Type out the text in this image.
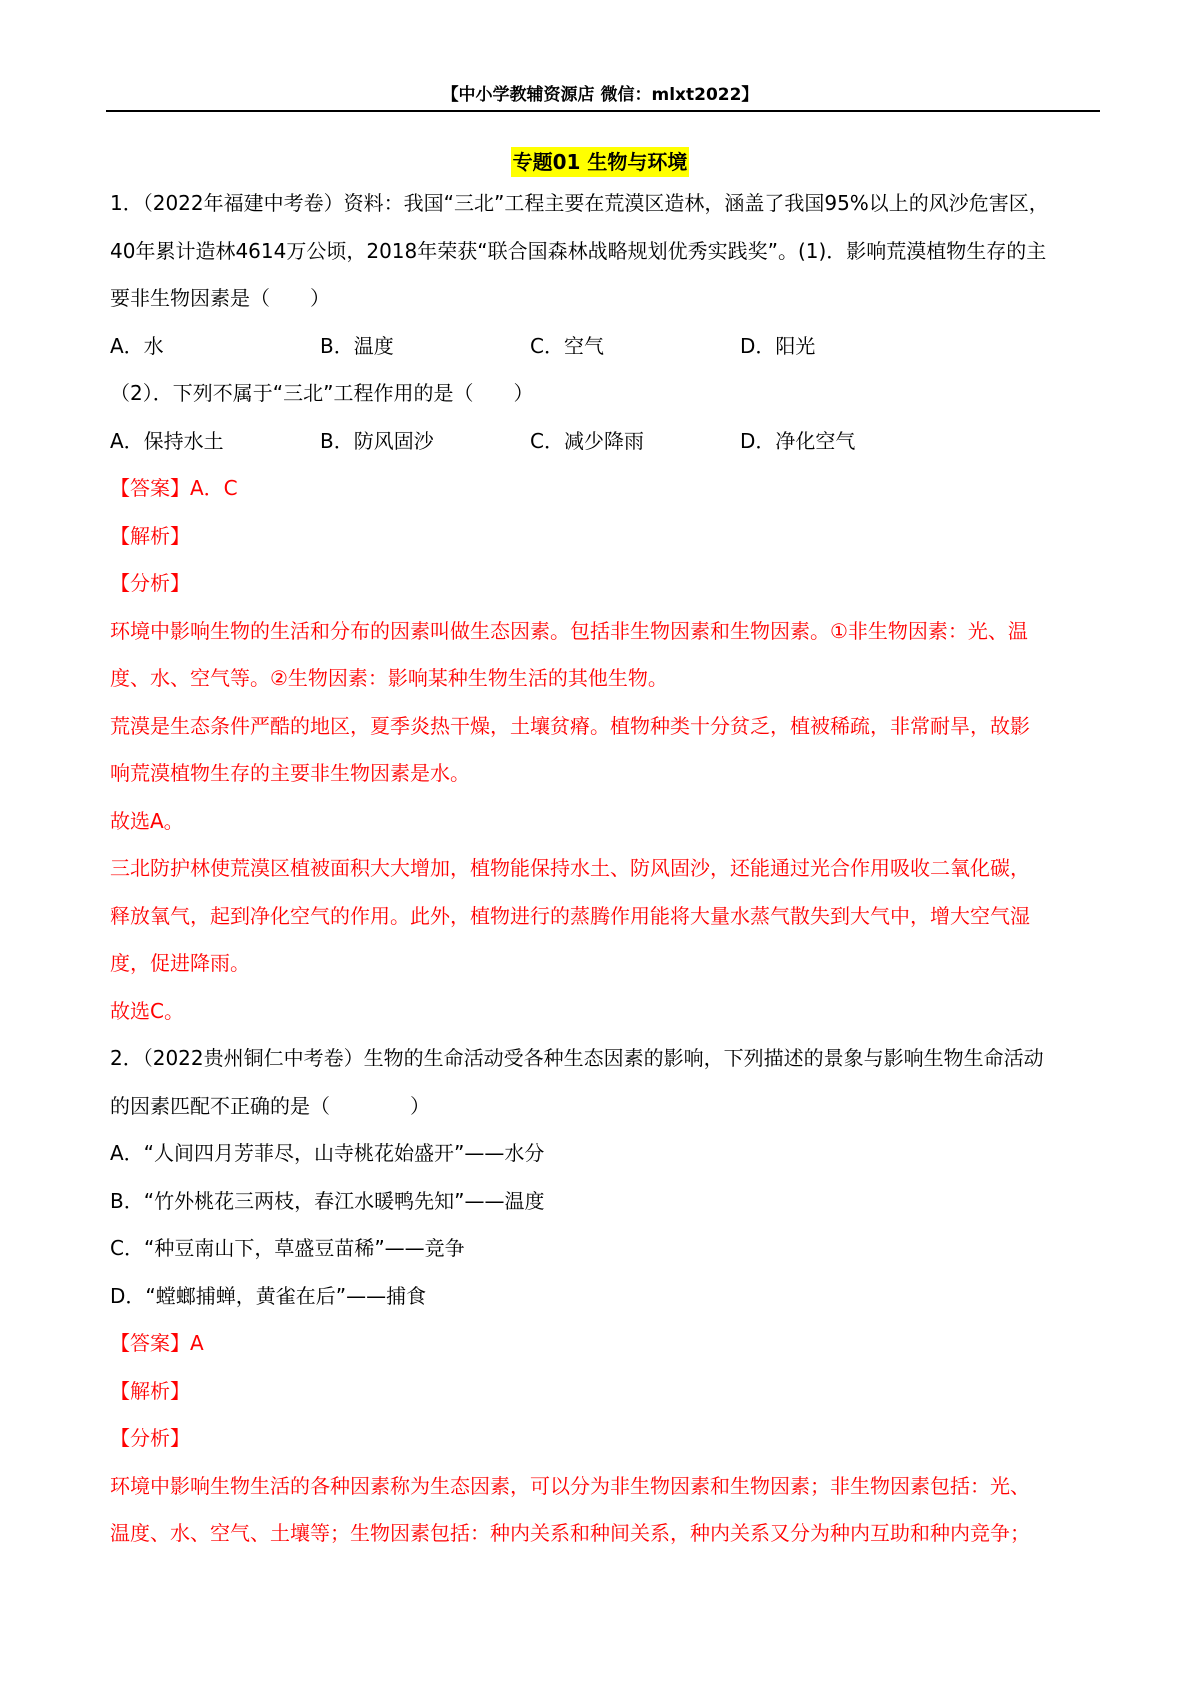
【中小学教辅资源店 微信：mlxt2022】
专题01 生物与环境
1．（2022年福建中考卷）资料：我国“三北”工程主要在荒漠区造林，涵盖了我国95%以上的风沙危害区，
40年累计造林4614万公顷，2018年荣获“联合国森林战略规划优秀实践奖”。(1)．影响荒漠植物生存的主
要非生物因素是（　　）
A．水	B．温度	C．空气	D．阳光
（2）．下列不属于“三北”工程作用的是（　　）
A．保持水土	B．防风固沙	C．减少降雨	D．净化空气
【答案】A．C
【解析】
【分析】
环境中影响生物的生活和分布的因素叫做生态因素。包括非生物因素和生物因素。①非生物因素：光、温
度、水、空气等。②生物因素：影响某种生物生活的其他生物。
荒漠是生态条件严酷的地区，夏季炎热干燥，土壤贫瘠。植物种类十分贫乏，植被稀疏，非常耐旱，故影
响荒漠植物生存的主要非生物因素是水。
故选A。
三北防护林使荒漠区植被面积大大增加，植物能保持水土、防风固沙，还能通过光合作用吸收二氧化碳，
释放氧气，起到净化空气的作用。此外，植物进行的蒸腾作用能将大量水蒸气散失到大气中，增大空气湿
度，促进降雨。
故选C。
2．（2022贵州铜仁中考卷）生物的生命活动受各种生态因素的影响，下列描述的景象与影响生物生命活动
的因素匹配不正确的是（　　　　）
A．“人间四月芳菲尽，山寺桃花始盛开”——水分
B．“竹外桃花三两枝，春江水暖鸭先知”——温度
C．“种豆南山下，草盛豆苗稀”——竞争
D．“螳螂捕蝉，黄雀在后”——捕食
【答案】A
【解析】
【分析】
环境中影响生物生活的各种因素称为生态因素，可以分为非生物因素和生物因素；非生物因素包括：光、
温度、水、空气、土壤等；生物因素包括：种内关系和种间关系，种内关系又分为种内互助和种内竞争；
